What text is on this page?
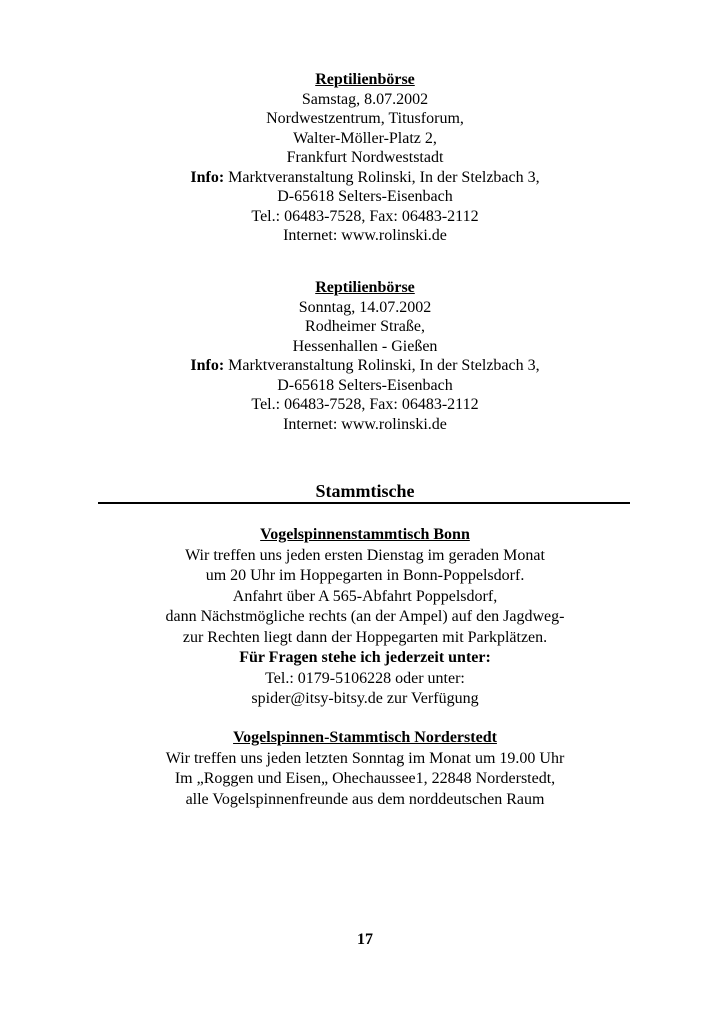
Reptilienbörse

Samstag, 8.07.2002

Nordwestzentrum, Titusforum,

Walter-Möller-Platz 2,

Frankfurt Nordweststadt

Info: Marktveranstaltung Rolinski, In der Stelzbach 3,

D-65618 Selters-Eisenbach

Tel.: 06483-7528, Fax: 06483-2112

Internet: www.rolinski.de

Reptilienbörse

Sonntag, 14.07.2002

Rodheimer Straße,

Hessenhallen - Gießen

Info: Marktveranstaltung Rolinski, In der Stelzbach 3,

D-65618 Selters-Eisenbach

Tel.: 06483-7528, Fax: 06483-2112

Internet: www.rolinski.de

Stammtische

Vogelspinnenstammtisch Bonn

Wir treffen uns jeden ersten Dienstag im geraden Monat

um 20 Uhr im Hoppegarten in Bonn-Poppelsdorf.

Anfahrt über A 565-Abfahrt Poppelsdorf,

dann Nächstmögliche rechts (an der Ampel) auf den Jagdweg-

zur Rechten liegt dann der Hoppegarten mit Parkplätzen.

Für Fragen stehe ich jederzeit unter:

Tel.: 0179-5106228 oder unter:

spider@itsy-bitsy.de zur Verfügung

Vogelspinnen-Stammtisch Norderstedt

Wir treffen uns jeden letzten Sonntag im Monat um 19.00 Uhr

Im „Roggen und Eisen„ Ohechaussee1, 22848 Norderstedt,

alle Vogelspinnenfreunde aus dem norddeutschen Raum

17
